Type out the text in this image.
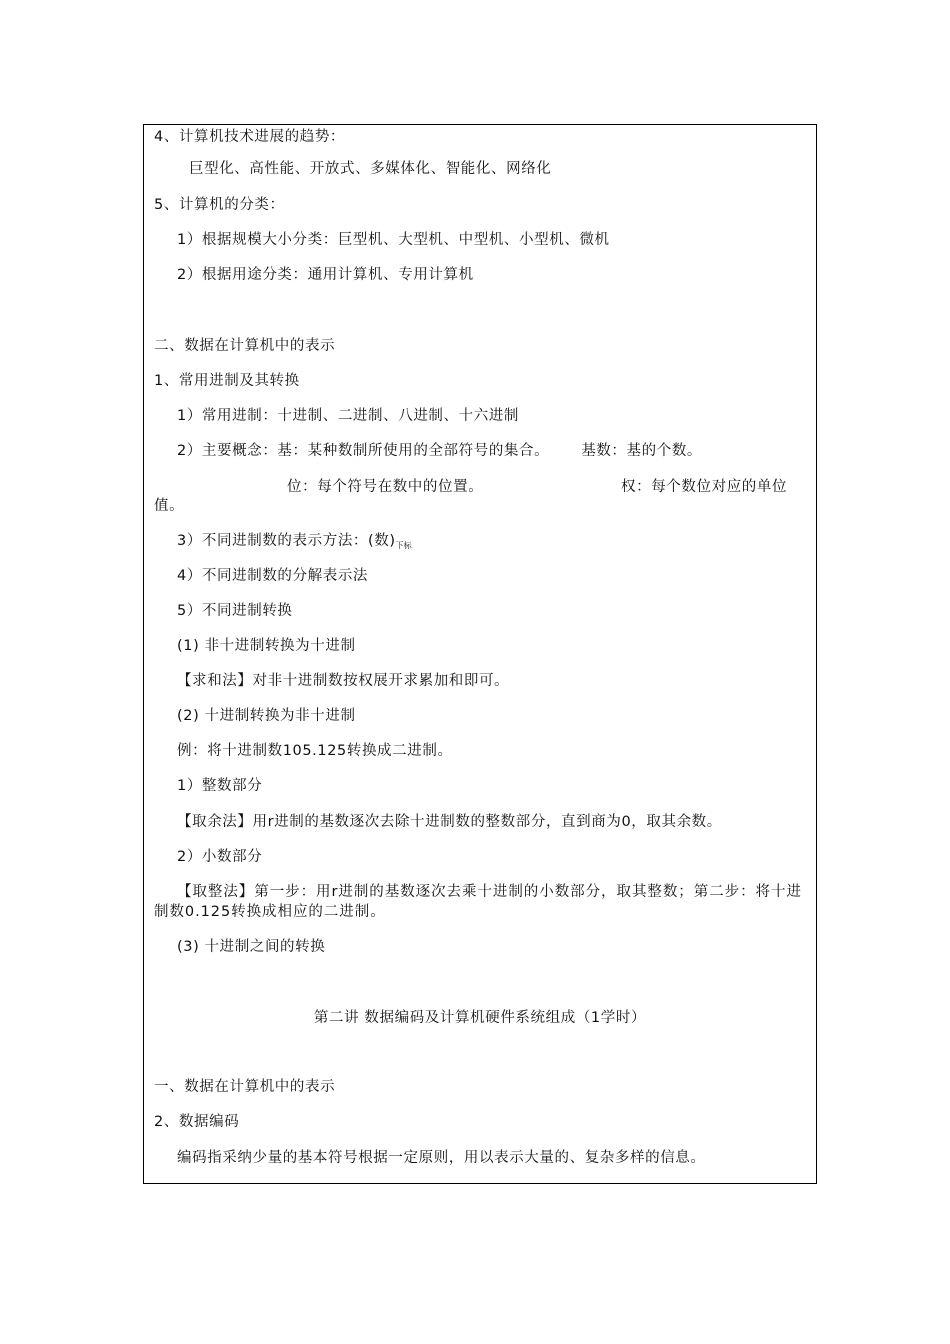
4、计算机技术进展的趋势：
巨型化、高性能、开放式、多媒体化、智能化、网络化
5、计算机的分类：
1）根据规模大小分类：巨型机、大型机、中型机、小型机、微机
2）根据用途分类：通用计算机、专用计算机
二、数据在计算机中的表示
1、常用进制及其转换
1）常用进制：十进制、二进制、八进制、十六进制
2）主要概念：基：某种数制所使用的全部符号的集合。 基数：基的个数。
位：每个符号在数中的位置。	权：每个数位对应的单位
值。
3）不同进制数的表示方法：(数)$_{下标}$
4）不同进制数的分解表示法
5）不同进制转换
(1) 非十进制转换为十进制
【求和法】对非十进制数按权展开求累加和即可。
(2) 十进制转换为非十进制
例：将十进制数105.125转换成二进制。
1）整数部分
【取余法】用r进制的基数逐次去除十进制数的整数部分，直到商为0，取其余数。
2）小数部分
【取整法】第一步：用r进制的基数逐次去乘十进制的小数部分，取其整数；第二步：将十进制数0.125转换成相应的二进制。
(3) 十进制之间的转换
第二讲 数据编码及计算机硬件系统组成（1学时）
一、数据在计算机中的表示
2、数据编码
编码指采纳少量的基本符号根据一定原则，用以表示大量的、复杂多样的信息。
